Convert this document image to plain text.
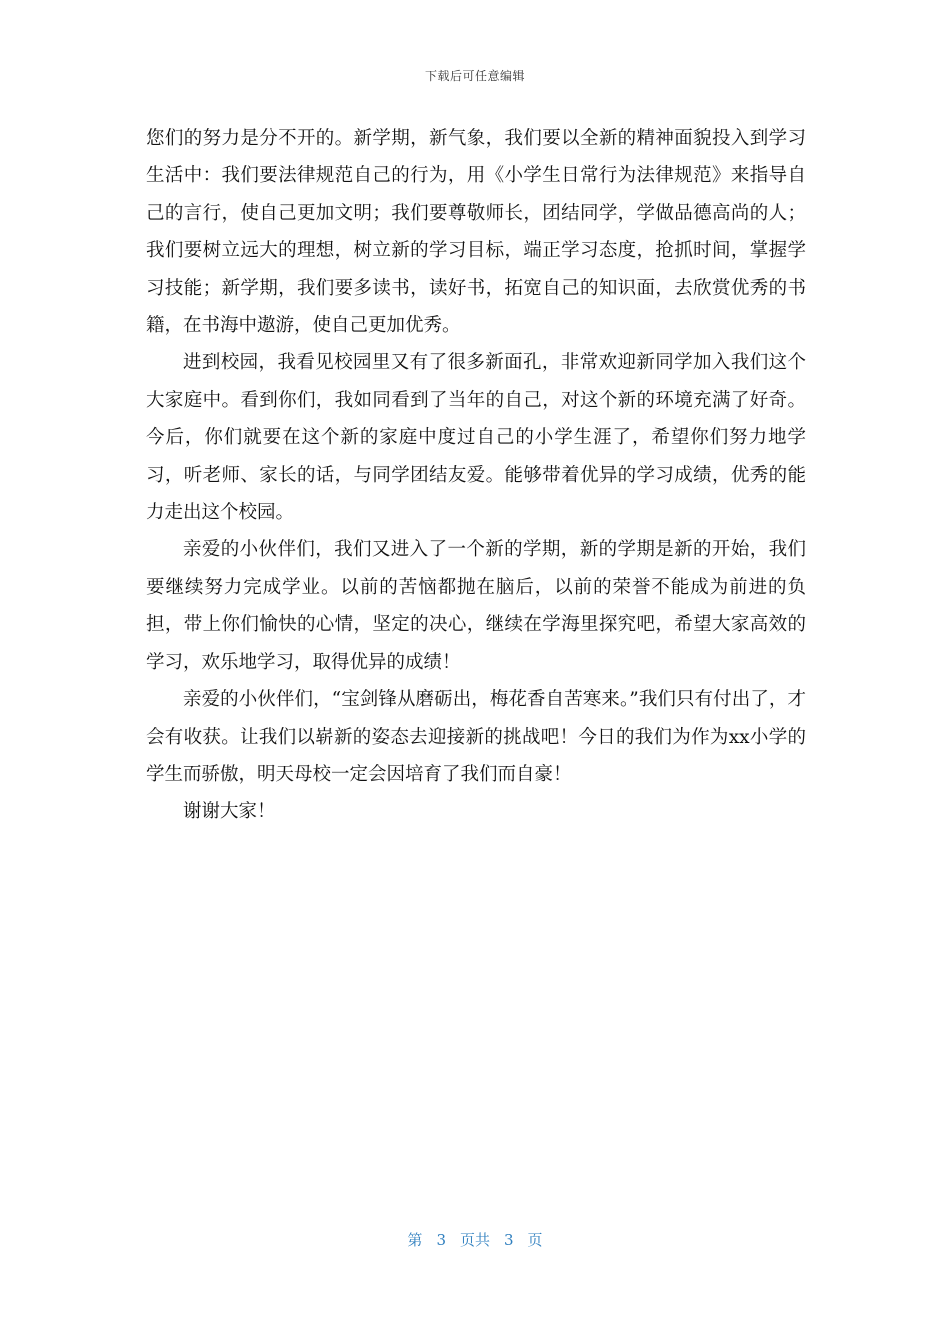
下载后可任意编辑

您们的努力是分不开的。新学期，新气象，我们要以全新的精神面貌投入到学习生活中：我们要法律规范自己的行为，用《小学生日常行为法律规范》来指导自己的言行，使自己更加文明；我们要尊敬师长，团结同学，学做品德高尚的人；我们要树立远大的理想，树立新的学习目标，端正学习态度，抢抓时间，掌握学习技能；新学期，我们要多读书，读好书，拓宽自己的知识面，去欣赏优秀的书籍，在书海中遨游，使自己更加优秀。

进到校园，我看见校园里又有了很多新面孔，非常欢迎新同学加入我们这个大家庭中。看到你们，我如同看到了当年的自己，对这个新的环境充满了好奇。今后，你们就要在这个新的家庭中度过自己的小学生涯了，希望你们努力地学习，听老师、家长的话，与同学团结友爱。能够带着优异的学习成绩，优秀的能力走出这个校园。

亲爱的小伙伴们，我们又进入了一个新的学期，新的学期是新的开始，我们要继续努力完成学业。以前的苦恼都抛在脑后，以前的荣誉不能成为前进的负担，带上你们愉快的心情，坚定的决心，继续在学海里探究吧，希望大家高效的学习，欢乐地学习，取得优异的成绩！

亲爱的小伙伴们，“宝剑锋从磨砺出，梅花香自苦寒来。”我们只有付出了，才会有收获。让我们以崭新的姿态去迎接新的挑战吧！今日的我们为作为xx小学的学生而骄傲，明天母校一定会因培育了我们而自豪！

谢谢大家！

第 3 页共 3 页
